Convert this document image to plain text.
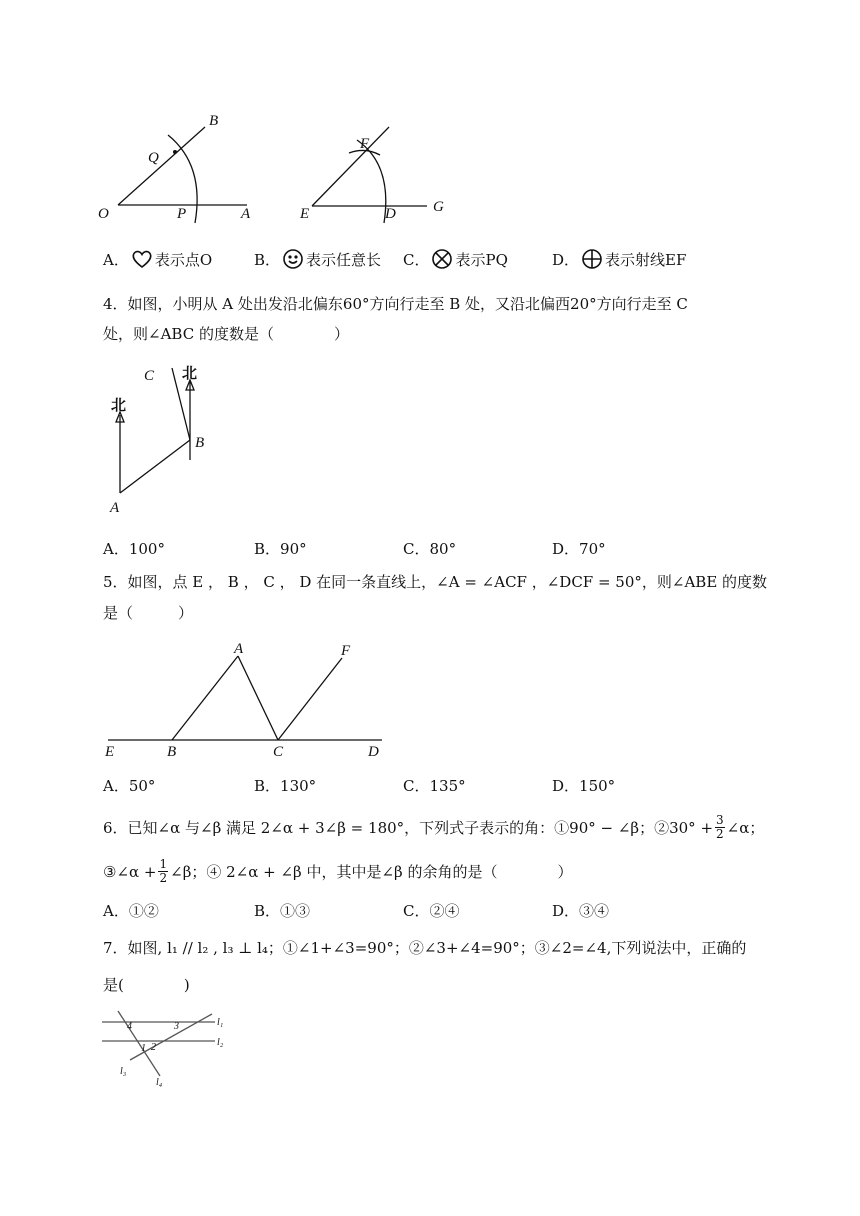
O
Q
B
P	A	E
F
D G
A． 表示点O	B． 表示任意长 C． 表示PQ	D． 表示射线EF
4．如图，小明从 A 处出发沿北偏东60°方向行走至 B 处，又沿北偏西20°方向行走至 C
处，则∠ABC 的度数是（　　　　）
北
北
C
B
A
A．100°	B．90°	C．80°	D．70°
5．如图，点 E ， B ， C ， D 在同一条直线上，∠A = ∠ACF ，∠DCF = 50°，则∠ABE 的度数
是（　　　）
A	F
E	B	C	D
A．50°	B．130°	C．135°	D．150°
6．已知∠α 与∠β 满足 2∠α + 3∠β = 180°，下列式子表示的角：①90° − ∠β；②30° + $\frac{3}{2}$ ∠α；
③∠α + $\frac{1}{2}$ ∠β；④ 2∠α + ∠β 中，其中是∠β 的余角的是（　　　　）
A．①②	B．①③	C．②④	D．③④
7．如图, l₁ // l₂ , l₃ ⊥ l₄；①∠1+∠3=90°；②∠3+∠4=90°；③∠2=∠4,下列说法中，正确的
是(　　　　)
4	3
1 2
l₁
l₂
l₃
l₄
